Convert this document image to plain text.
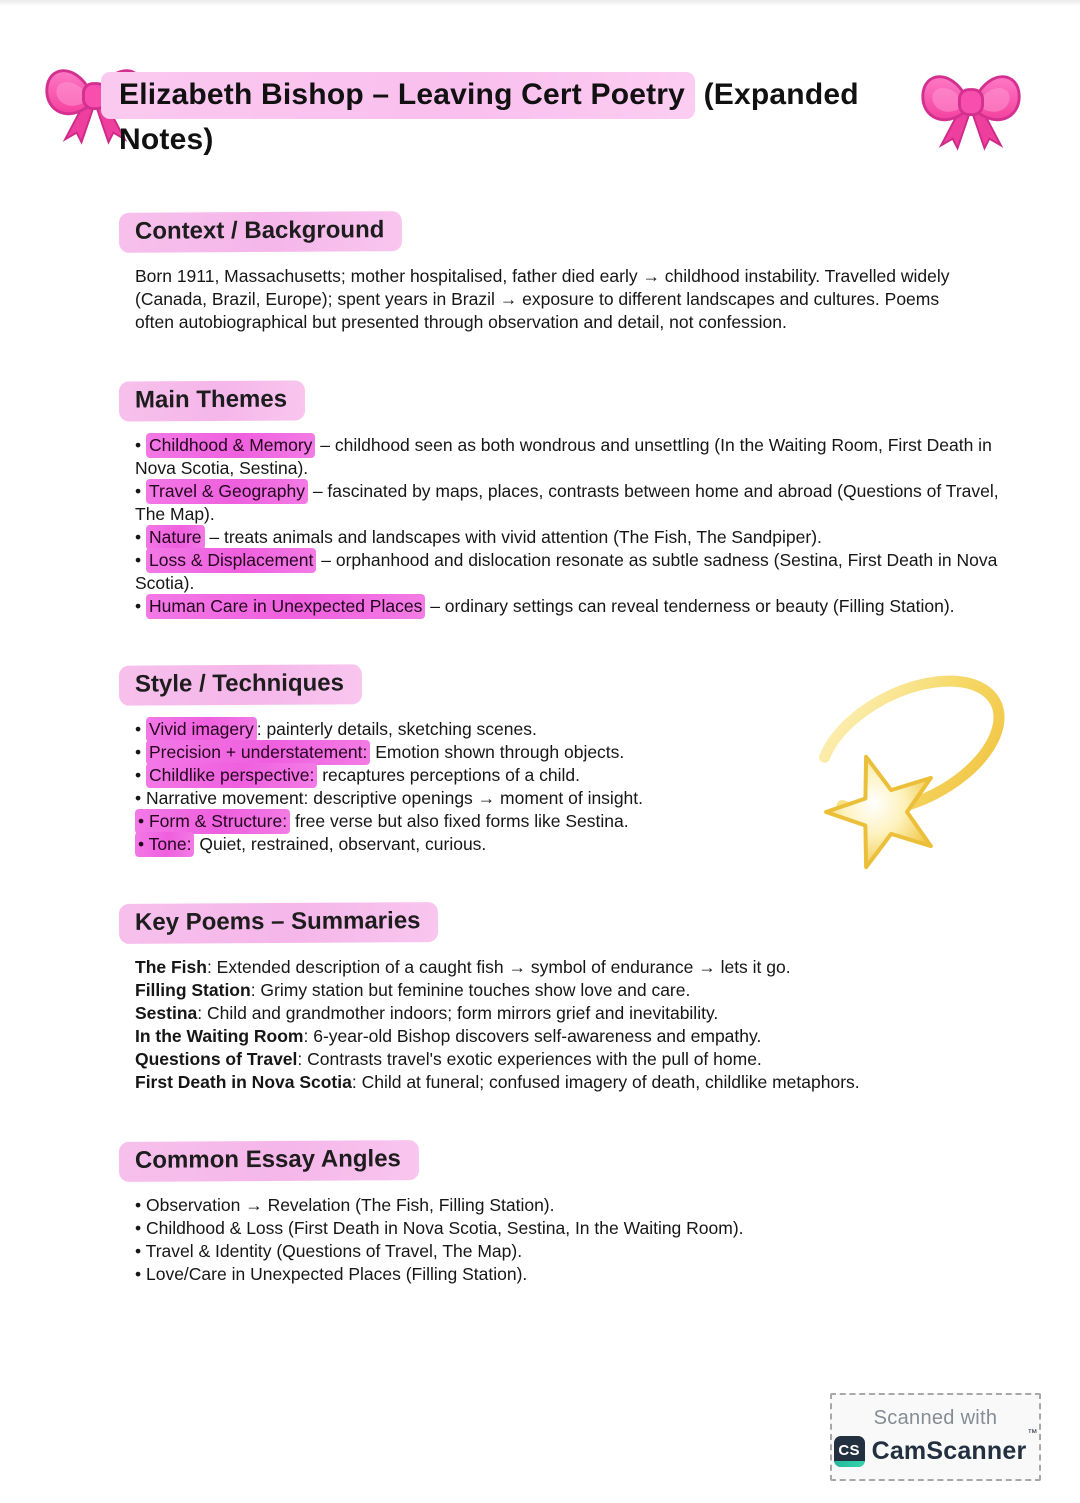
Elizabeth Bishop – Leaving Cert Poetry (Expanded
Notes)
Context / Background

Born 1911, Massachusetts; mother hospitalised, father died early → childhood instability. Travelled widely (Canada, Brazil, Europe); spent years in Brazil → exposure to different landscapes and cultures. Poems often autobiographical but presented through observation and detail, not confession.

Main Themes
• Childhood & Memory – childhood seen as both wondrous and unsettling (In the Waiting Room, First Death in Nova Scotia, Sestina).
• Travel & Geography – fascinated by maps, places, contrasts between home and abroad (Questions of Travel, The Map).
• Nature – treats animals and landscapes with vivid attention (The Fish, The Sandpiper).
• Loss & Displacement – orphanhood and dislocation resonate as subtle sadness (Sestina, First Death in Nova Scotia).
• Human Care in Unexpected Places – ordinary settings can reveal tenderness or beauty (Filling Station).
Style / Techniques
• Vivid imagery : painterly details, sketching scenes.
• Precision + understatement: Emotion shown through objects.
• Childlike perspective: recaptures perceptions of a child.
• Narrative movement: descriptive openings → moment of insight.
• Form & Structure: free verse but also fixed forms like Sestina.
• Tone: Quiet, restrained, observant, curious.
Key Poems – Summaries
The Fish: Extended description of a caught fish → symbol of endurance → lets it go.
Filling Station: Grimy station but feminine touches show love and care.
Sestina: Child and grandmother indoors; form mirrors grief and inevitability.
In the Waiting Room: 6-year-old Bishop discovers self-awareness and empathy.
Questions of Travel: Contrasts travel's exotic experiences with the pull of home.
First Death in Nova Scotia: Child at funeral; confused imagery of death, childlike metaphors.
Common Essay Angles
• Observation → Revelation (The Fish, Filling Station).
• Childhood & Loss (First Death in Nova Scotia, Sestina, In the Waiting Room).
• Travel & Identity (Questions of Travel, The Map).
• Love/Care in Unexpected Places (Filling Station).
Scanned with
CS CamScanner™
